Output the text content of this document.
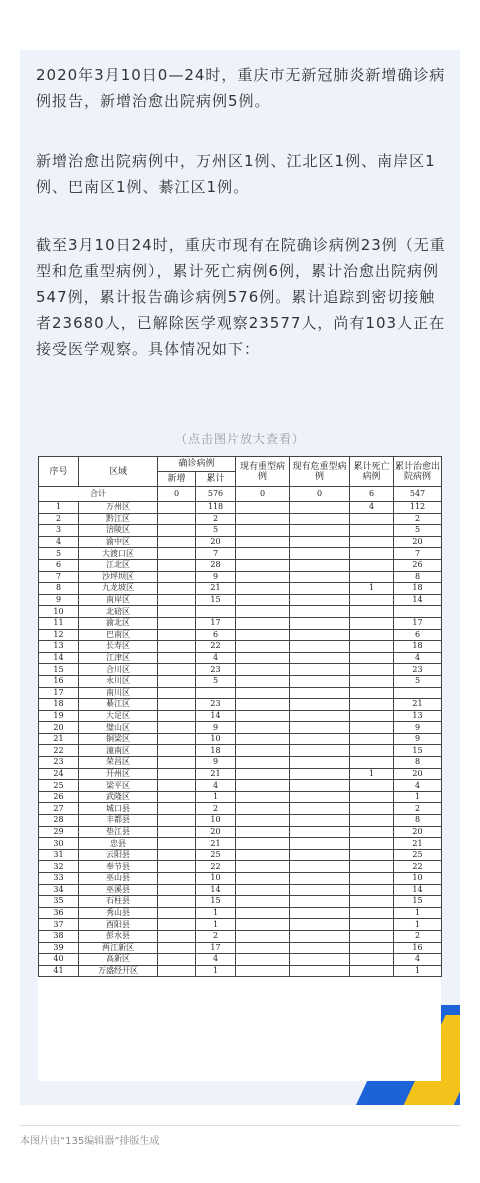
2020年3月10日0—24时，重庆市无新冠肺炎新增确诊病例报告，新增治愈出院病例5例。
新增治愈出院病例中，万州区1例、江北区1例、南岸区1例、巴南区1例、綦江区1例。
截至3月10日24时，重庆市现有在院确诊病例23例（无重型和危重型病例），累计死亡病例6例，累计治愈出院病例547例，累计报告确诊病例576例。累计追踪到密切接触者23680人，已解除医学观察23577人，尚有103人正在接受医学观察。具体情况如下：
（点击图片放大查看）
序号	区域	确诊病例		现有重型病例	现有危重型病例	累计死亡病例	累计治愈出院病例
		新增	累计				
合计		0	576	0	0	6	547
1	万州区		118			4	112
2	黔江区		2				2
3	涪陵区		5				5
4	渝中区		20				20
5	大渡口区		7				7
6	江北区		28				26
7	沙坪坝区		9				8
8	九龙坡区		21			1	18
9	南岸区		15				14
10	北碚区						
11	渝北区		17				17
12	巴南区		6				6
13	长寿区		22				18
14	江津区		4				4
15	合川区		23				23
16	永川区		5				5
17	南川区						
18	綦江区		23				21
19	大足区		14				13
20	璧山区		9				9
21	铜梁区		10				9
22	潼南区		18				15
23	荣昌区		9				8
24	开州区		21			1	20
25	梁平区		4				4
26	武隆区		1				1
27	城口县		2				2
28	丰都县		10				8
29	垫江县		20				20
30	忠县		21				21
31	云阳县		25				25
32	奉节县		22				22
33	巫山县		10				10
34	巫溪县		14				14
35	石柱县		15				15
36	秀山县		1				1
37	酉阳县		1				1
38	彭水县		2				2
39	两江新区		17				16
40	高新区		4				4
41	万盛经开区		1				1
本图片由“135编辑器”排版生成
